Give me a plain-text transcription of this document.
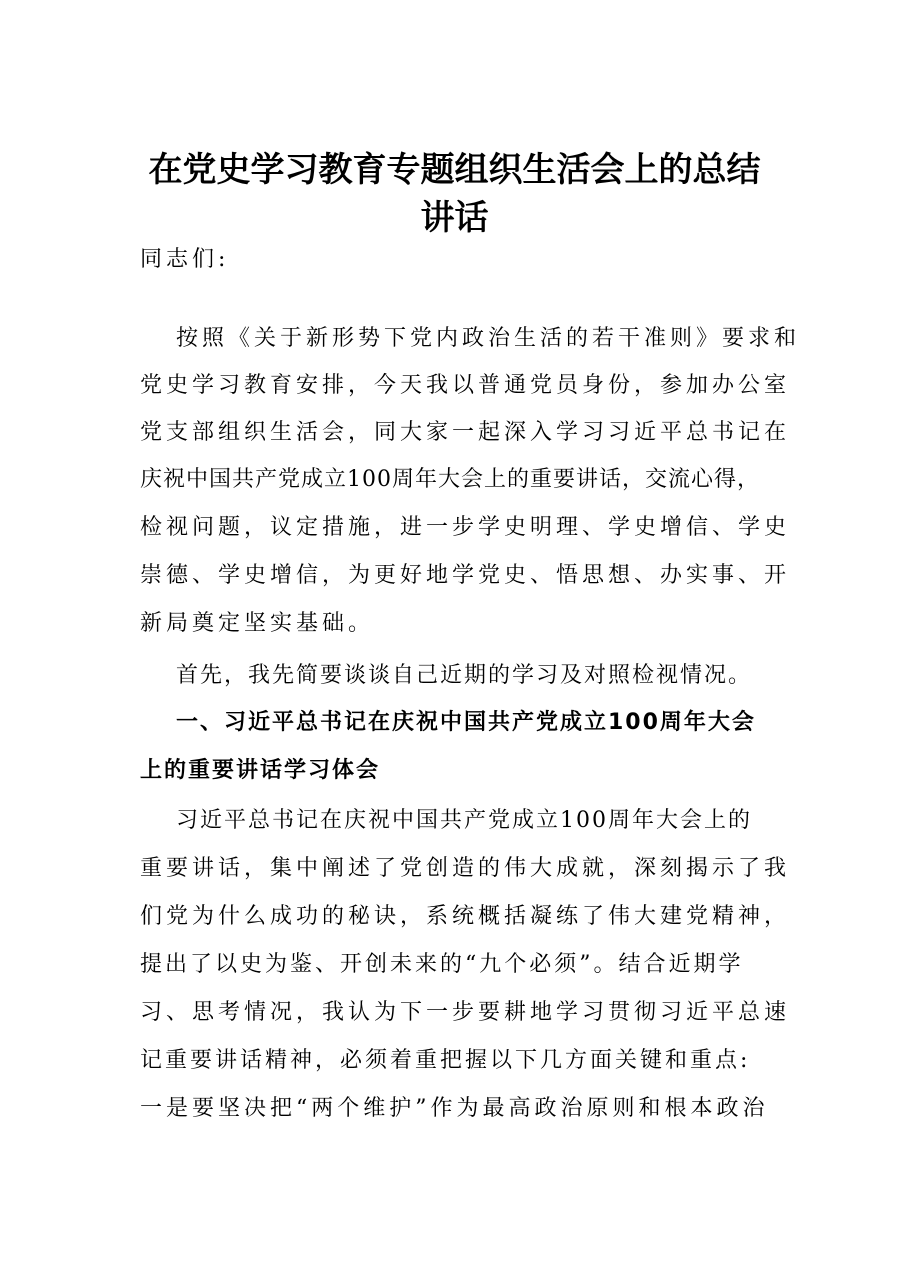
在党史学习教育专题组织生活会上的总结
讲话
同志们:
按照《关于新形势下党内政治生活的若干准则》要求和
党史学习教育安排，今天我以普通党员身份，参加办公室
党支部组织生活会，同大家一起深入学习习近平总书记在
庆祝中国共产党成立100周年大会上的重要讲话，交流心得，
检视问题，议定措施，进一步学史明理、学史增信、学史
崇德、学史增信，为更好地学党史、悟思想、办实事、开
新局奠定坚实基础。
首先，我先简要谈谈自己近期的学习及对照检视情况。
一、习近平总书记在庆祝中国共产党成立100周年大会
上的重要讲话学习体会
习近平总书记在庆祝中国共产党成立100周年大会上的
重要讲话，集中阐述了党创造的伟大成就，深刻揭示了我
们党为什么成功的秘诀，系统概括凝练了伟大建党精神，
提出了以史为鉴、开创未来的“九个必须”。结合近期学
习、思考情况，我认为下一步要耕地学习贯彻习近平总速
记重要讲话精神，必须着重把握以下几方面关键和重点:
一是要坚决把“两个维护”作为最高政治原则和根本政治
